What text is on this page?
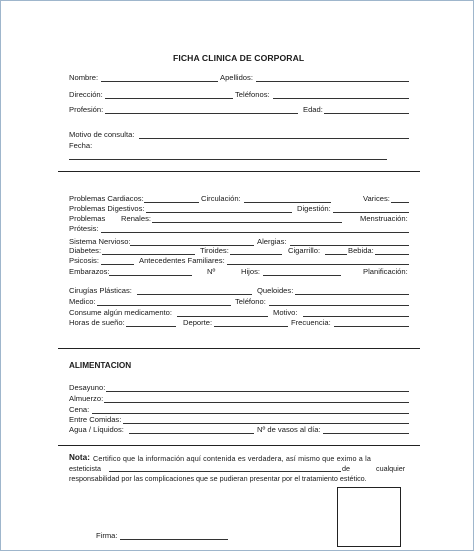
FICHA CLINICA DE CORPORAL
Nombre:	Apellidos:
Dirección:	Teléfonos:
Profesión:	Edad:
Motivo de consulta:
Fecha:
Problemas Cardiacos:	Circulación:	Varices:
Problemas Digestivos:	Digestión:
Problemas Renales:	Menstruación:
Prótesis:
Sistema Nervioso:	Alergias:
Diabetes:	Tiroides:	Cigarrillo:	Bebida:
Psicosis:	Antecedentes Familiares:
Embarazos:	Nº	Hijos:	Planificación:
Cirugías Plásticas:	Queloides:
Medico:	Teléfono:
Consume algún medicamento:	Motivo:
Horas de sueño:	Deporte:	Frecuencia:
ALIMENTACION
Desayuno:
Almuerzo:
Cena:
Entre Comidas:
Agua / Líquidos:	Nº de vasos al día:
Nota: Certifico que la información aquí contenida es verdadera, así mismo que eximo a la
esteticista	de	cualquier
responsabilidad por las complicaciones que se pudieran presentar por el tratamiento estético.
Firma:
